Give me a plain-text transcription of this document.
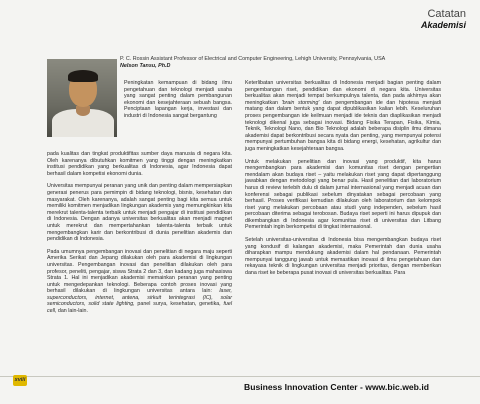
Catatan
Akademisi
P. C. Rossin Assistant Professor of Electrical and Computer Engineering, Lehigh University, Pennsylvania, USA
Nelson Tansu, Ph.D

Peningkatan kemampuan di bidang ilmu pengetahuan dan teknologi menjadi usaha yang sangat penting dalam pembangunan ekonomi dan kesejahteraan sebuah bangsa. Penciptaan lapangan kerja, investasi dan industri di Indonesia sangat bergantung

pada kualitas dan tingkat produktifitas sumber daya manusia di negara kita. Oleh karenanya dibutuhkan komitmen yang tinggi dengan meningkatkan institusi pendidikan yang berkualitas di Indonesia, agar Indonesia dapat berhasil dalam kompetisi ekonomi dunia.

Universitas mempunyai peranan yang unik dan penting dalam mempersiapkan generasi penerus para pemimpin di bidang teknologi, bisnis, kesehatan dan masyarakat. Oleh karenanya, adalah sangat penting bagi kita semua untuk memiliki komitmen menjadikan lingkungan akademis yang memungkinkan kita merekrut talenta-talenta terbaik untuk menjadi pengajar di institusi pendidikan di Indonesia. Dengan adanya universitas berkualitas akan menjadi magnet untuk merekrut dan mempertahankan talenta-talenta terbaik untuk mengembangkan karir dan berkontribusi di dunia penelitian akademis dan pendidikan di Indonesia.

Pada umumnya pengembangan inovasi dan penelitian di negara maju seperti Amerika Serikat dan Jepang dilakukan oleh para akademisi di lingkungan universitas. Pengembangan inovasi dan penelitian dilakukan oleh para profesor, peneliti, pengajar, siswa Strata 2 dan 3, dan kadang juga mahasiswa Strata 1. Hal ini menjadikan akademisi memainkan peranan yang penting untuk mengedepankan teknologi. Beberapa contoh proses inovasi yang berhasil dilakukan di lingkungan universitas antara lain: laser, superconductors, internet, antena, sirkuit terintegrasi (IC), solar semiconductors, solid state lighting, panel surya, kesehatan, genetika, fuel cell, dan lain-lain.

Keterlibatan universitas berkualitas di Indonesia menjadi bagian penting dalam pengembangan riset, pendidikan dan ekonomi di negara kita. Universitas berkualitas akan menjadi tempat berkumpulnya talenta, dan pada akhirnya akan meningkatkan 'brain storming' dan pengembangan ide dan hipotesa menjadi matang dan dalam bentuk yang dapat dipublikasikan kalian lebih. Keseluruhan proses pengembangan ide keilmuan menjadi ide teknis dan diaplikasikan menjadi teknologi dikenal juga sebagai inovasi. Bidang Fisika Terapan, Fisika, Kimia, Teknik, Teknologi Nano, dan Bio Teknologi adalah beberapa disiplin ilmu dimana akademisi dapat berkontribusi secara nyata dan penting, yang mempunyai potensi mempunyai pertumbuhan bangsa kita di bidang energi, kesehatan, agrikultur dan juga meningkatkan kesejahteraan bangsa.

Untuk melakukan penelitian dan inovasi yang produktif, kita harus mengembangkan para akademisi dan komunitas riset dengan pengertian mendalam akan budaya riset – yaitu melakukan riset yang dapat dipertanggung jawabkan dengan metodologi yang benar pula. Hasil penelitian dari laboratorium harus di review terlebih dulu di dalam jurnal internasional yang menjadi acuan dan konferensi sebagai publikasi sebelum dinyatakan sebagai percobaan yang berhasil. Proses verifikasi kemudian dilakukan oleh laboratorium dan kelompok riset yang melakukan percobaan atau studi yang independen, sebelum hasil percobaan diterima sebagai terobosan. Budaya riset seperti ini harus dipupuk dan dikembangkan di Indonesia agar komunitas riset di universitas dan Litbang Pemerintah ingin berkompetisi di tingkat internasional.

Setelah universitas-universitas di Indonesia bisa mengembangkan budaya riset yang kondusif di kalangan akademisi, maka Pemerintah dan dunia usaha diharapkan mampu mendukung akademisi dalam hal pendanaan. Pemerintah mempunyai tanggung jawab untuk memastikan inovasi di ilmu pengetahuan dan rekayasa teknik di lingkungan universitas menjadi prioritas, dengan memberikan dana riset ke beberapa pusat inovasi di universitas berkualitas. Para

xviii
Business Innovation Center - www.bic.web.id
